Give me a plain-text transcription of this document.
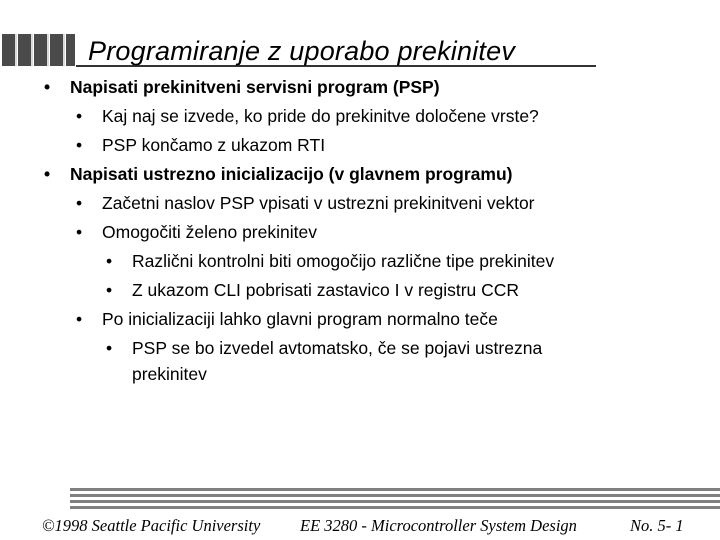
Programiranje z uporabo prekinitev
• Napisati prekinitveni servisni program (PSP)
• Kaj naj se izvede, ko pride do prekinitve določene vrste?
• PSP končamo z ukazom RTI
• Napisati ustrezno inicializacijo (v glavnem programu)
• Začetni naslov PSP vpisati v ustrezni prekinitveni vektor
• Omogočiti želeno prekinitev
• Različni kontrolni biti omogočijo različne tipe prekinitev
• Z ukazom CLI pobrisati zastavico I v registru CCR
• Po inicializaciji lahko glavni program normalno teče
• PSP se bo izvedel avtomatsko, če se pojavi ustrezna
prekinitev
©1998 Seattle Pacific University EE 3280 - Microcontroller System Design	No. 5- 1
